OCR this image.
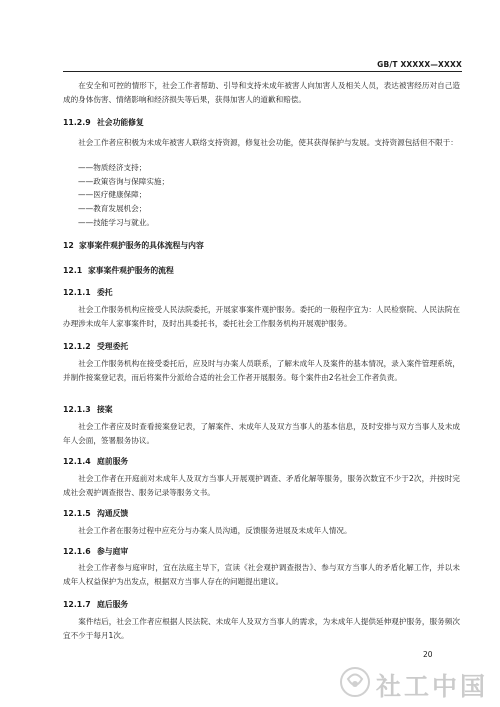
GB/T XXXXX—XXXX

在安全和可控的情形下，社会工作者帮助、引导和支持未成年被害人向加害人及相关人员，表达被害经历对自己造成的身体伤害、情绪影响和经济损失等后果，获得加害人的道歉和赔偿。

11.2.9 社会功能修复

社会工作者应积极为未成年被害人联络支持资源，修复社会功能，使其获得保护与发展。支持资源包括但不限于：

——物质经济支持；

——政策咨询与保障实施；

——医疗健康保障；

——教育发展机会；

——技能学习与就业。

12 家事案件观护服务的具体流程与内容
12.1 家事案件观护服务的流程
12.1.1 委托

社会工作服务机构应接受人民法院委托，开展家事案件观护服务。委托的一般程序宜为：人民检察院、人民法院在办理涉未成年人家事案件时，及时出具委托书，委托社会工作服务机构开展观护服务。

12.1.2 受理委托

社会工作服务机构在接受委托后，应及时与办案人员联系，了解未成年人及案件的基本情况，录入案件管理系统，并制作接案登记表，而后将案件分派给合适的社会工作者开展服务。每个案件由2名社会工作者负责。

12.1.3 接案

社会工作者应及时查看接案登记表，了解案件、未成年人及双方当事人的基本信息，及时安排与双方当事人及未成年人会面，签署服务协议。

12.1.4 庭前服务

社会工作者在开庭前对未成年人及双方当事人开展观护调查、矛盾化解等服务，服务次数宜不少于2次，并按时完成社会观护调查报告、服务记录等服务文书。

12.1.5 沟通反馈

社会工作者在服务过程中应充分与办案人员沟通，反馈服务进展及未成年人情况。

12.1.6 参与庭审

社会工作者参与庭审时，宜在法庭主导下，宣读《社会观护调查报告》、参与双方当事人的矛盾化解工作，并以未成年人权益保护为出发点，根据双方当事人存在的问题提出建议。

12.1.7 庭后服务

案件结后，社会工作者应根据人民法院、未成年人及双方当事人的需求，为未成年人提供延伸观护服务，服务频次宜不少于每月1次。

20
社工中国
